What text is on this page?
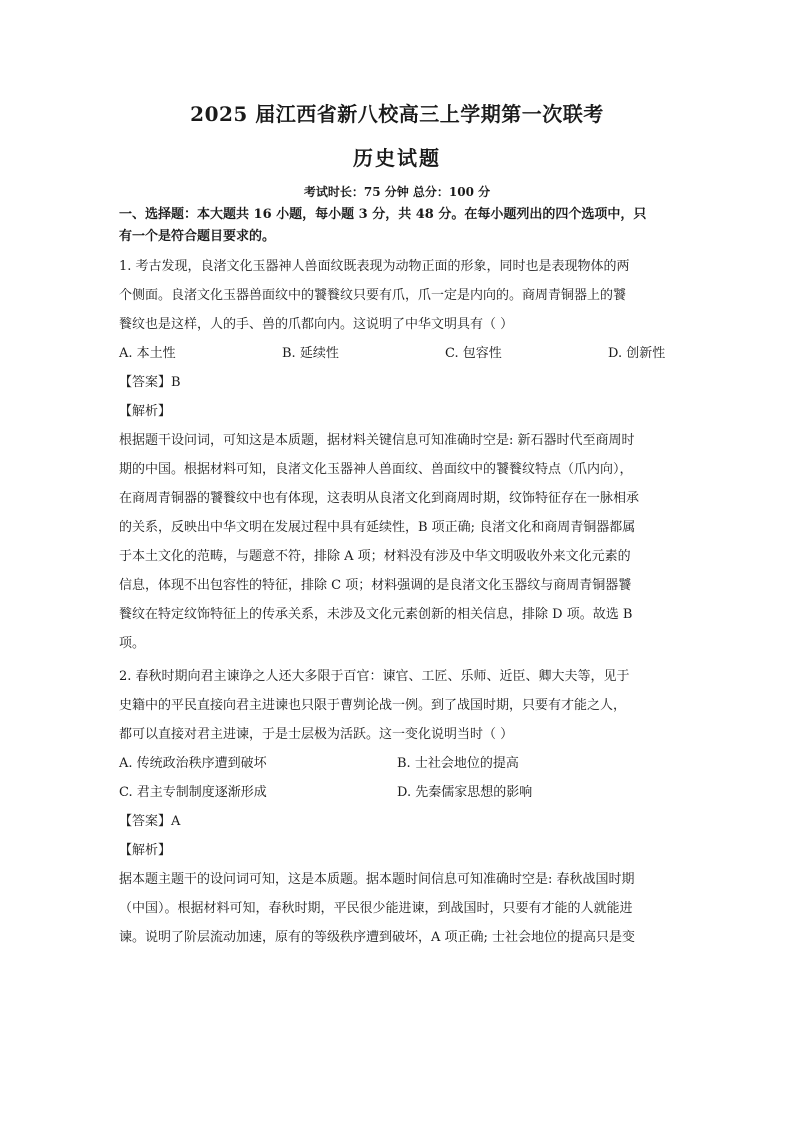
2025 届江西省新八校高三上学期第一次联考
历史试题
考试时长：75 分钟 总分：100 分
一、选择题：本大题共 16 小题，每小题 3 分，共 48 分。在每小题列出的四个选项中，只
有一个是符合题目要求的。

1. 考古发现，良渚文化玉器神人兽面纹既表现为动物正面的形象，同时也是表现物体的两

个侧面。良渚文化玉器兽面纹中的饕餮纹只要有爪，爪一定是内向的。商周青铜器上的饕

餮纹也是这样，人的手、兽的爪都向内。这说明了中华文明具有（ ）

A. 本土性	B. 延续性	C. 包容性	D. 创新性
【答案】B
【解析】

根据题干设问词，可知这是本质题，据材料关键信息可知准确时空是: 新石器时代至商周时

期的中国。根据材料可知，良渚文化玉器神人兽面纹、兽面纹中的饕餮纹特点（爪内向），

在商周青铜器的饕餮纹中也有体现，这表明从良渚文化到商周时期，纹饰特征存在一脉相承

的关系，反映出中华文明在发展过程中具有延续性，B 项正确; 良渚文化和商周青铜器都属

于本土文化的范畴，与题意不符，排除 A 项；材料没有涉及中华文明吸收外来文化元素的

信息，体现不出包容性的特征，排除 C 项；材料强调的是良渚文化玉器纹与商周青铜器饕

餮纹在特定纹饰特征上的传承关系，未涉及文化元素创新的相关信息，排除 D 项。故选 B

项。

2. 春秋时期向君主谏诤之人还大多限于百官：谏官、工匠、乐师、近臣、卿大夫等，见于

史籍中的平民直接向君主进谏也只限于曹刿论战一例。到了战国时期，只要有才能之人，

都可以直接对君主进谏，于是士层极为活跃。这一变化说明当时（ ）

A. 传统政治秩序遭到破坏	B. 士社会地位的提高
C. 君主专制制度逐渐形成	D. 先秦儒家思想的影响
【答案】A
【解析】

据本题主题干的设问词可知，这是本质题。据本题时间信息可知准确时空是: 春秋战国时期

（中国）。根据材料可知，春秋时期，平民很少能进谏，到战国时，只要有才能的人就能进

谏。说明了阶层流动加速，原有的等级秩序遭到破坏，A 项正确; 士社会地位的提高只是变
